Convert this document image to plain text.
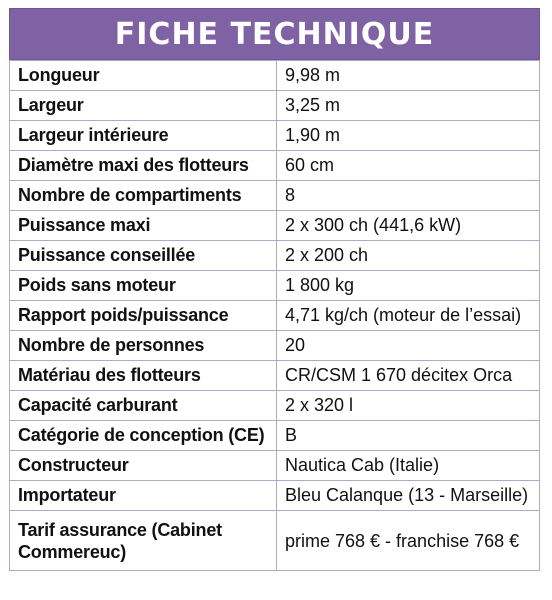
FICHE TECHNIQUE
Longueur	9,98 m
Largeur	3,25 m
Largeur intérieure	1,90 m
Diamètre maxi des flotteurs	60 cm
Nombre de compartiments	8
Puissance maxi	2 x 300 ch (441,6 kW)
Puissance conseillée	2 x 200 ch
Poids sans moteur	1 800 kg
Rapport poids/puissance	4,71 kg/ch (moteur de l’essai)
Nombre de personnes	20
Matériau des flotteurs	CR/CSM 1 670 décitex Orca
Capacité carburant	2 x 320 l
Catégorie de conception (CE)	B
Constructeur	Nautica Cab (Italie)
Importateur	Bleu Calanque (13 - Marseille)
Tarif assurance (Cabinet Commereuc)	prime 768 € - franchise 768 €
